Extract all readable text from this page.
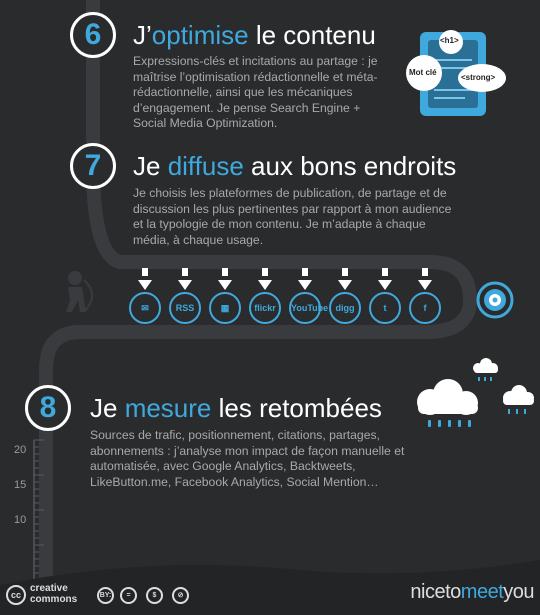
<h1>
Mot clé
<strong>
6	J’optimise le contenu
Expressions-clés et incitations au partage : je maîtrise l’optimisation rédactionnelle et méta-rédactionnelle, ainsi que les mécaniques d’engagement. Je pense Search Engine + Social Media Optimization.
7	Je diffuse aux bons endroits
Je choisis les plateformes de publication, de partage et de discussion les plus pertinentes par rapport à mon audience et la typologie de mon contenu. Je m’adapte à chaque média, à chaque usage.
✉	RSS	▦	flickr	YouTube digg	t	f
8	Je mesure les retombées
Sources de trafic, positionnement, citations, partages, abonnements : j’analyse mon impact de façon manuelle et automatisée, avec Google Analytics, Backtweets, LikeButton.me, Facebook Analytics, Social Mention…
20
15
10
cc
creative
commons	BY:	=	$	⊘	nicetomeetyou
